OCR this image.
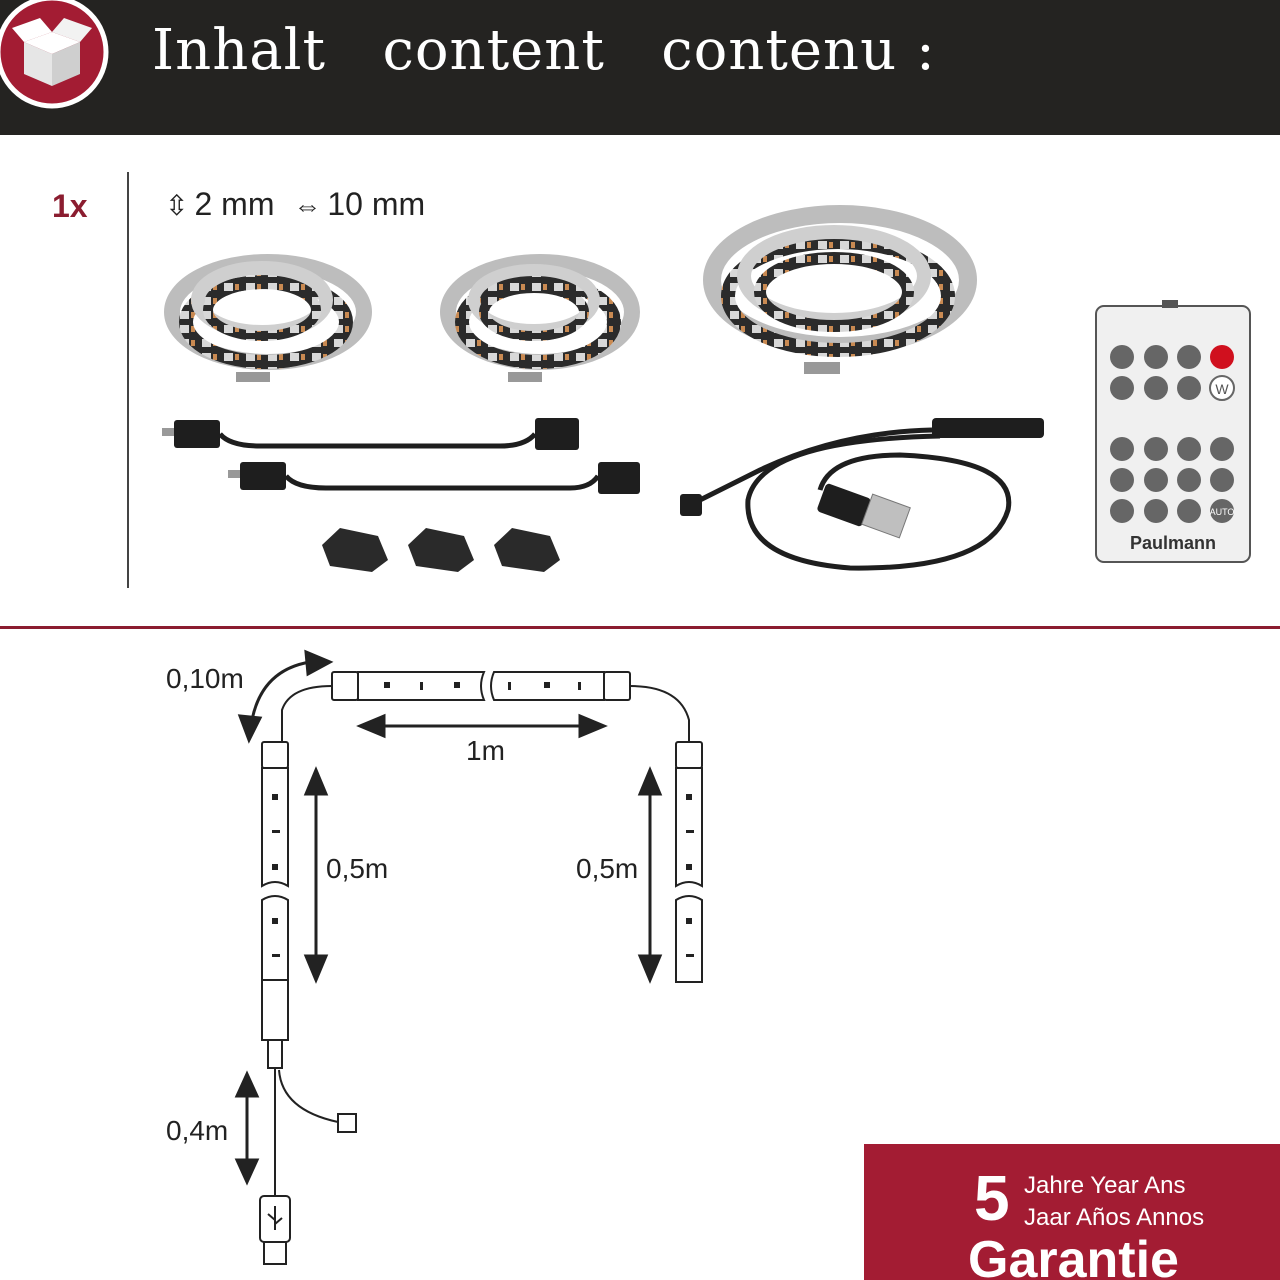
Inhalt   content   contenu :
1x	⇳ 2 mm ⇔ 10 mm
W
AUTO
Paulmann
0,10m
1m
0,5m	0,5m
0,4m
5 Jahre Year Ans
Jaar Años Annos
Garantie
